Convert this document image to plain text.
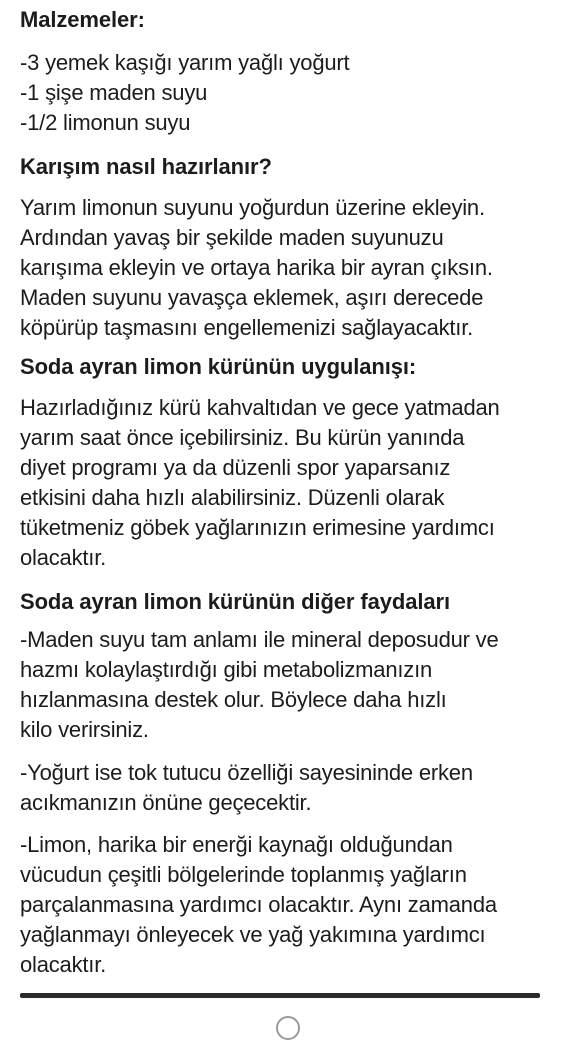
Malzemeler:
-3 yemek kaşığı yarım yağlı yoğurt
-1 şişe maden suyu
-1/2 limonun suyu
Karışım nasıl hazırlanır?
Yarım limonun suyunu yoğurdun üzerine ekleyin.
Ardından yavaş bir şekilde maden suyunuzu
karışıma ekleyin ve ortaya harika bir ayran çıksın.
Maden suyunu yavaşça eklemek, aşırı derecede
köpürüp taşmasını engellemenizi sağlayacaktır.
Soda ayran limon kürünün uygulanışı:
Hazırladığınız kürü kahvaltıdan ve gece yatmadan
yarım saat önce içebilirsiniz. Bu kürün yanında
diyet programı ya da düzenli spor yaparsanız
etkisini daha hızlı alabilirsiniz. Düzenli olarak
tüketmeniz göbek yağlarınızın erimesine yardımcı
olacaktır.
Soda ayran limon kürünün diğer faydaları
-Maden suyu tam anlamı ile mineral deposudur ve
hazmı kolaylaştırdığı gibi metabolizmanızın
hızlanmasına destek olur. Böylece daha hızlı
kilo verirsiniz.
-Yoğurt ise tok tutucu özelliği sayesininde erken
acıkmanızın önüne geçecektir.
-Limon, harika bir enerği kaynağı olduğundan
vücudun çeşitli bölgelerinde toplanmış yağların
parçalanmasına yardımcı olacaktır. Aynı zamanda
yağlanmayı önleyecek ve yağ yakımına yardımcı
olacaktır.
